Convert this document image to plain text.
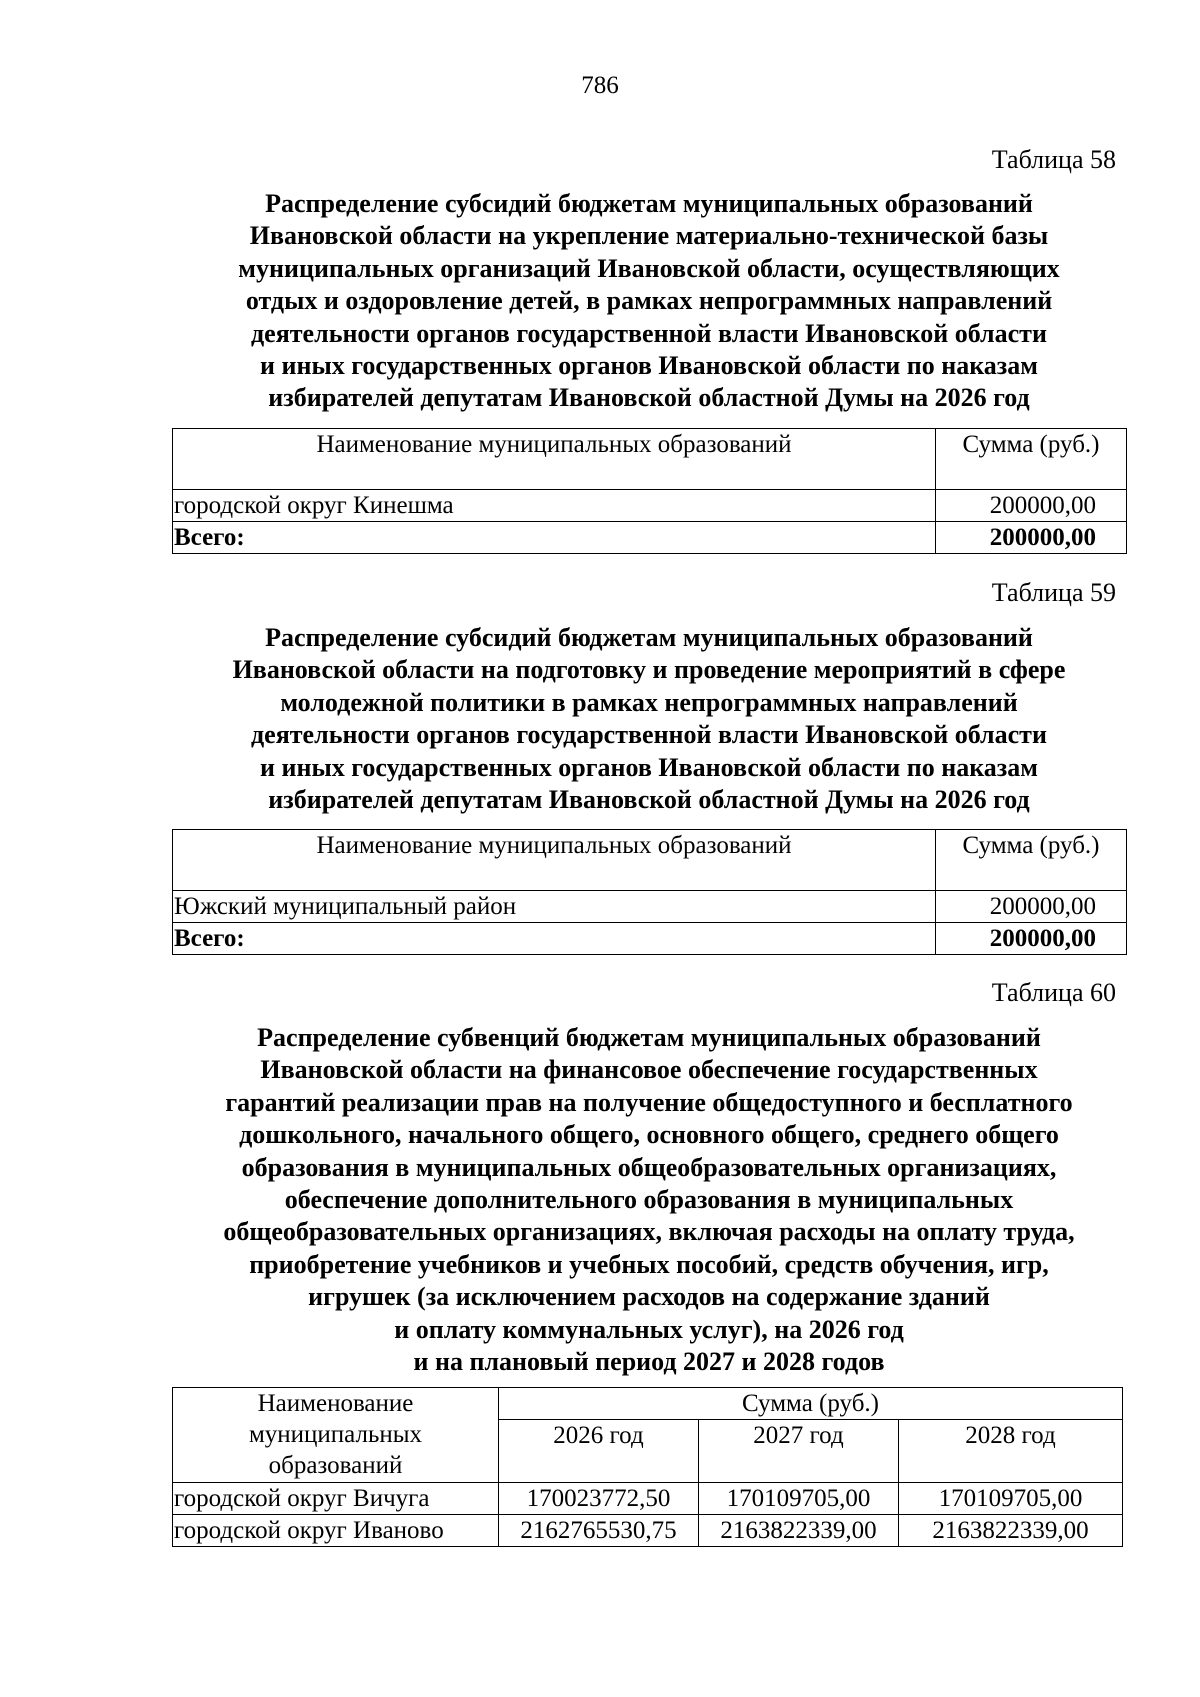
786
Таблица 58
Распределение субсидий бюджетам муниципальных образований
Ивановской области на укрепление материально-технической базы
муниципальных организаций Ивановской области, осуществляющих
отдых и оздоровление детей, в рамках непрограммных направлений
деятельности органов государственной власти Ивановской области
и иных государственных органов Ивановской области по наказам
избирателей депутатам Ивановской областной Думы на 2026 год
Наименование муниципальных образований	Сумма (руб.)
городской округ Кинешма	200000,00
Всего:	200000,00
Таблица 59
Распределение субсидий бюджетам муниципальных образований
Ивановской области на подготовку и проведение мероприятий в сфере
молодежной политики в рамках непрограммных направлений
деятельности органов государственной власти Ивановской области
и иных государственных органов Ивановской области по наказам
избирателей депутатам Ивановской областной Думы на 2026 год
Наименование муниципальных образований	Сумма (руб.)
Южский муниципальный район	200000,00
Всего:	200000,00
Таблица 60
Распределение субвенций бюджетам муниципальных образований
Ивановской области на финансовое обеспечение государственных
гарантий реализации прав на получение общедоступного и бесплатного
дошкольного, начального общего, основного общего, среднего общего
образования в муниципальных общеобразовательных организациях,
обеспечение дополнительного образования в муниципальных
общеобразовательных организациях, включая расходы на оплату труда,
приобретение учебников и учебных пособий, средств обучения, игр,
игрушек (за исключением расходов на содержание зданий
и оплату коммунальных услуг), на 2026 год
и на плановый период 2027 и 2028 годов
Наименование
муниципальных
образований	Сумма (руб.)		
	2026 год	2027 год	2028 год
городской округ Вичуга	170023772,50	170109705,00	170109705,00
городской округ Иваново	2162765530,75	2163822339,00	2163822339,00
